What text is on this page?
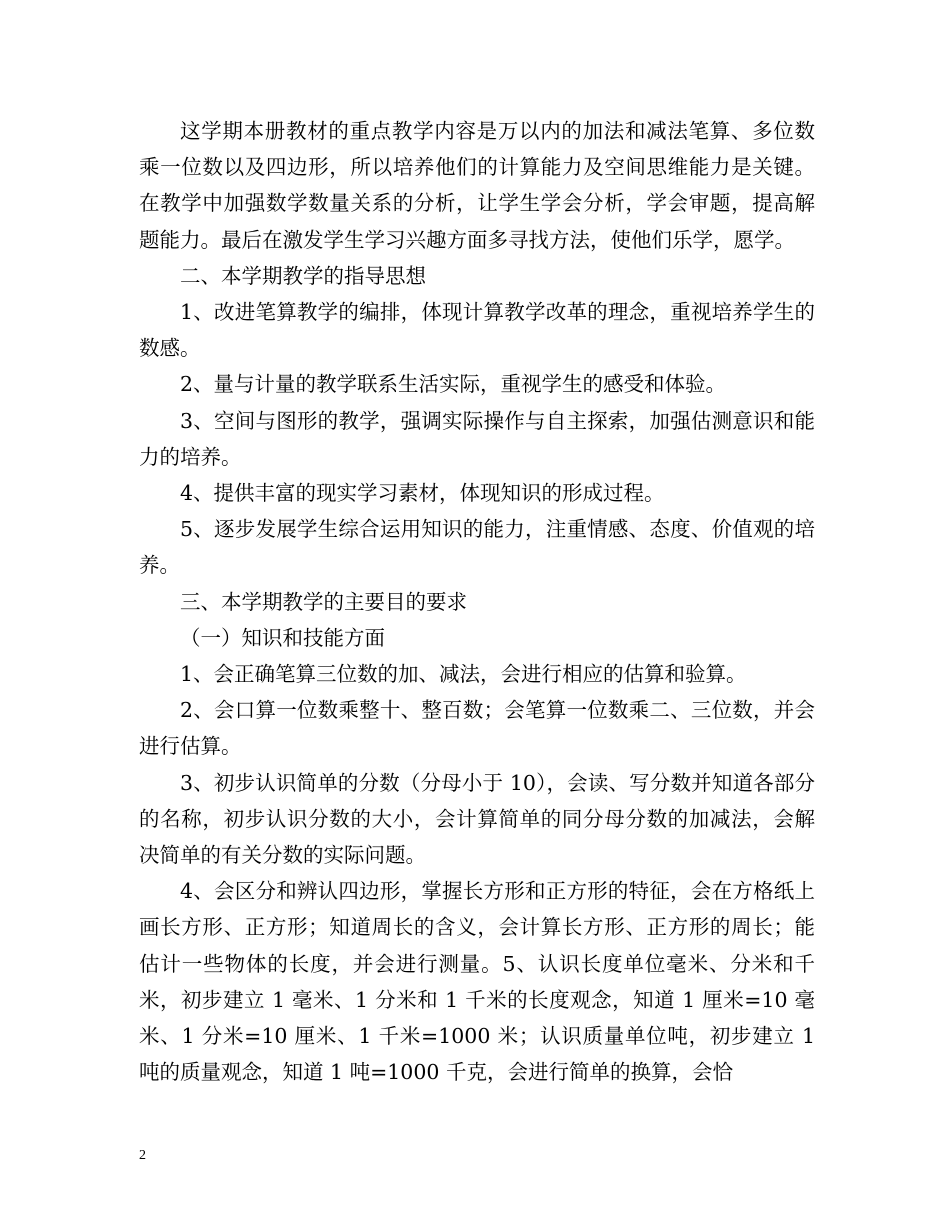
这学期本册教材的重点教学内容是万以内的加法和减法笔算、多位数乘一位数以及四边形，所以培养他们的计算能力及空间思维能力是关键。在教学中加强数学数量关系的分析，让学生学会分析，学会审题，提高解题能力。最后在激发学生学习兴趣方面多寻找方法，使他们乐学，愿学。

二、本学期教学的指导思想

1、改进笔算教学的编排，体现计算教学改革的理念，重视培养学生的数感。

2、量与计量的教学联系生活实际，重视学生的感受和体验。

3、空间与图形的教学，强调实际操作与自主探索，加强估测意识和能力的培养。

4、提供丰富的现实学习素材，体现知识的形成过程。

5、逐步发展学生综合运用知识的能力，注重情感、态度、价值观的培养。

三、本学期教学的主要目的要求

（一）知识和技能方面

1、会正确笔算三位数的加、减法，会进行相应的估算和验算。

2、会口算一位数乘整十、整百数；会笔算一位数乘二、三位数，并会进行估算。

3、初步认识简单的分数（分母小于 10），会读、写分数并知道各部分的名称，初步认识分数的大小，会计算简单的同分母分数的加减法，会解决简单的有关分数的实际问题。

4、会区分和辨认四边形，掌握长方形和正方形的特征，会在方格纸上画长方形、正方形；知道周长的含义，会计算长方形、正方形的周长；能估计一些物体的长度，并会进行测量。5、认识长度单位毫米、分米和千米，初步建立 1 毫米、1 分米和 1 千米的长度观念，知道 1 厘米=10 毫米、1 分米=10 厘米、1 千米=1000 米；认识质量单位吨，初步建立 1 吨的质量观念，知道 1 吨=1000 千克，会进行简单的换算，会恰

2
